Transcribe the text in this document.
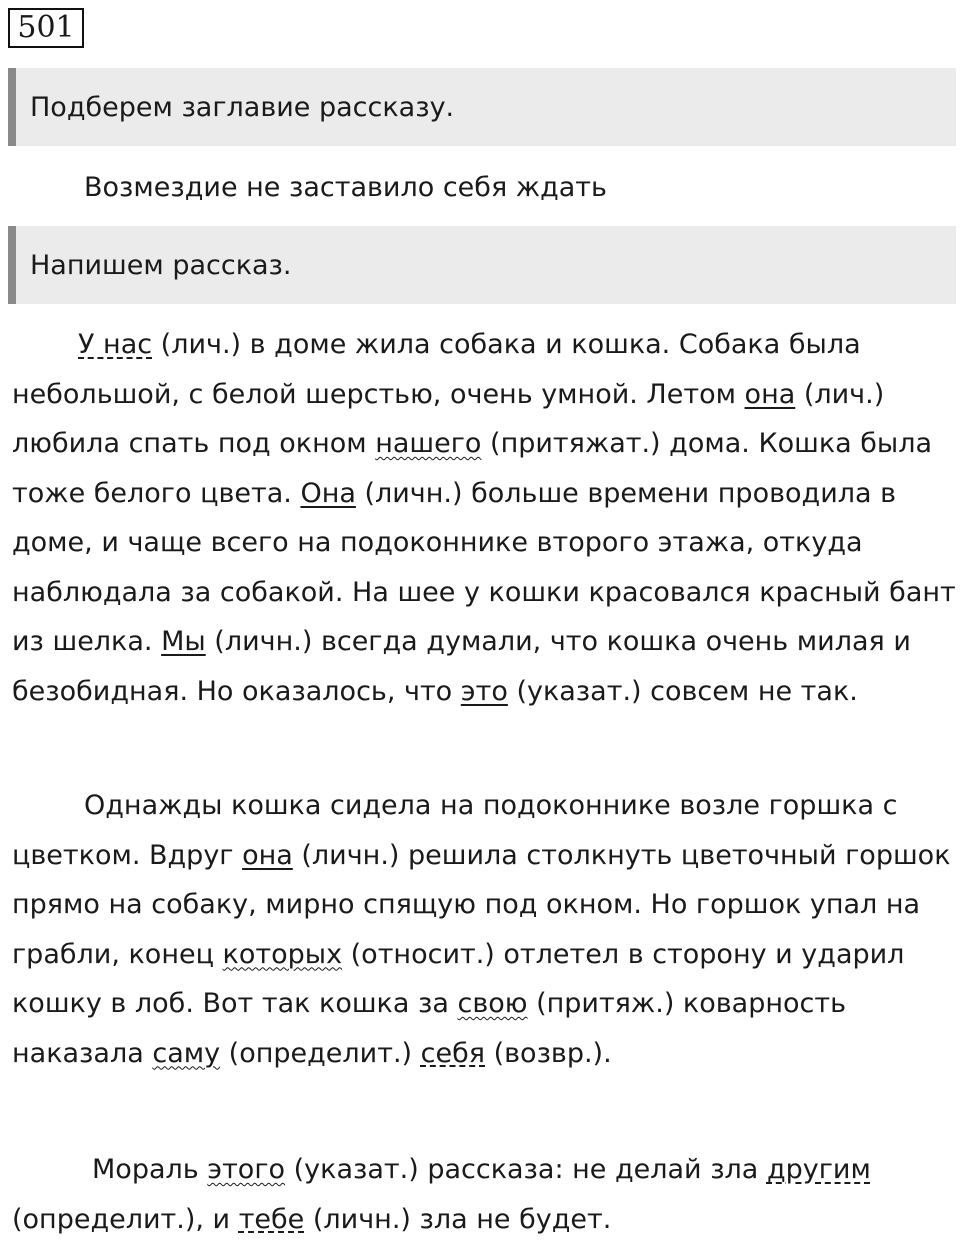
501
Подберем заглавие рассказу.
Возмездие не заставило себя ждать
Напишем рассказ.

У нас (лич.) в доме жила собака и кошка. Собака была небольшой, с белой шерстью, очень умной. Летом она (лич.) любила спать под окном нашего (притяжат.) дома. Кошка была тоже белого цвета. Она (личн.) больше времени проводила в доме, и чаще всего на подоконнике второго этажа, откуда наблюдала за собакой. На шее у кошки красовался красный бант из шелка. Мы (личн.) всегда думали, что кошка очень милая и безобидная. Но оказалось, что это (указат.) совсем не так.

Однажды кошка сидела на подоконнике возле горшка с цветком. Вдруг она (личн.) решила столкнуть цветочный горшок прямо на собаку, мирно спящую под окном. Но горшок упал на грабли, конец которых (относит.) отлетел в сторону и ударил кошку в лоб. Вот так кошка за свою (притяж.) коварность наказала саму (определит.) себя (возвр.).

Мораль этого (указат.) рассказа: не делай зла другим (определит.), и тебе (личн.) зла не будет.
